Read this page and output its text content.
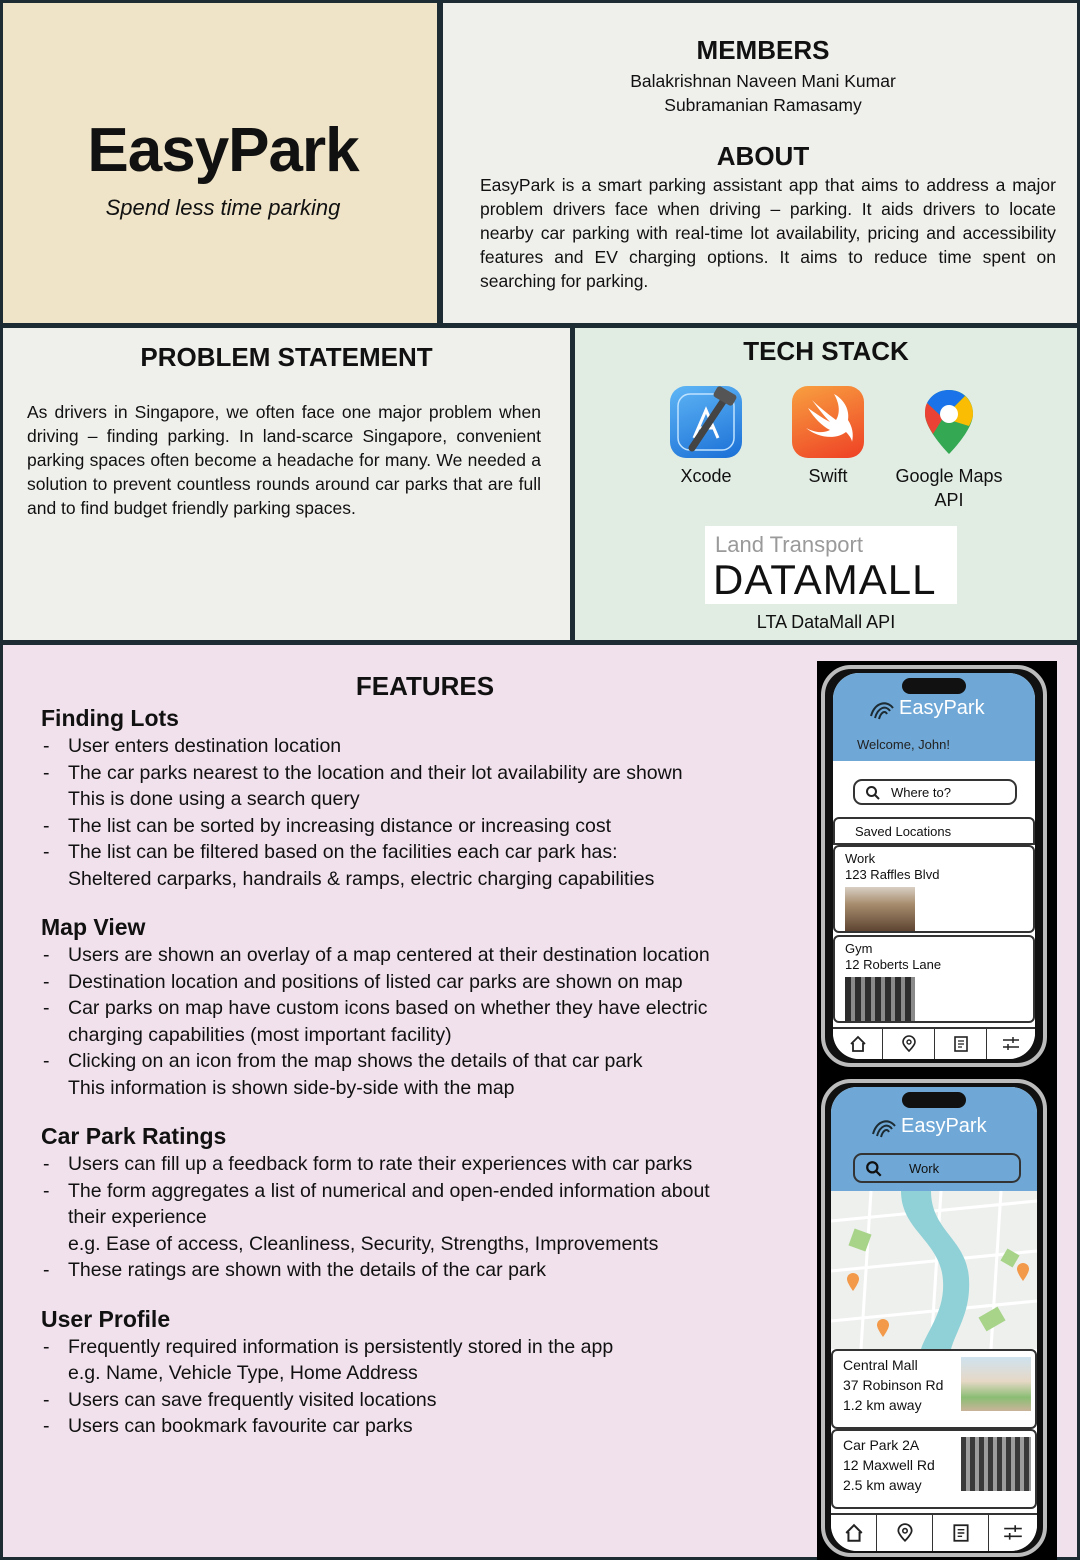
EasyPark
Spend less time parking
MEMBERS
Balakrishnan Naveen Mani Kumar
Subramanian Ramasamy
ABOUT
EasyPark is a smart parking assistant app that aims to address a major problem drivers face when driving – parking. It aids drivers to locate nearby car parking with real-time lot availability, pricing and accessibility features and EV charging options. It aims to reduce time spent on searching for parking.
PROBLEM STATEMENT
As drivers in Singapore, we often face one major problem when driving – finding parking. In land-scarce Singapore, convenient parking spaces often become a headache for many. We needed a solution to prevent countless rounds around car parks that are full and to find budget friendly parking spaces.
TECH STACK
Xcode	Swift	Google Maps API
Land Transport
DATAMALL
LTA DataMall API
FEATURES
Finding Lots
- User enters destination location
- The car parks nearest to the location and their lot availability are shown
This is done using a search query
- The list can be sorted by increasing distance or increasing cost
- The list can be filtered based on the facilities each car park has:
Sheltered carparks, handrails & ramps, electric charging capabilities
Map View
- Users are shown an overlay of a map centered at their destination location
- Destination location and positions of listed car parks are shown on map
- Car parks on map have custom icons based on whether they have electric
charging capabilities (most important facility)
- Clicking on an icon from the map shows the details of that car park
This information is shown side-by-side with the map
Car Park Ratings
- Users can fill up a feedback form to rate their experiences with car parks
- The form aggregates a list of numerical and open-ended information about
their experience
e.g. Ease of access, Cleanliness, Security, Strengths, Improvements
- These ratings are shown with the details of the car park
User Profile
- Frequently required information is persistently stored in the app
e.g. Name, Vehicle Type, Home Address
- Users can save frequently visited locations
- Users can bookmark favourite car parks
EasyPark
Welcome, John!
Where to?
Saved Locations
Work
123 Raffles Blvd
Gym
12 Roberts Lane
EasyPark
Work
Central Mall
37 Robinson Rd
1.2 km away
Car Park 2A
12 Maxwell Rd
2.5 km away
